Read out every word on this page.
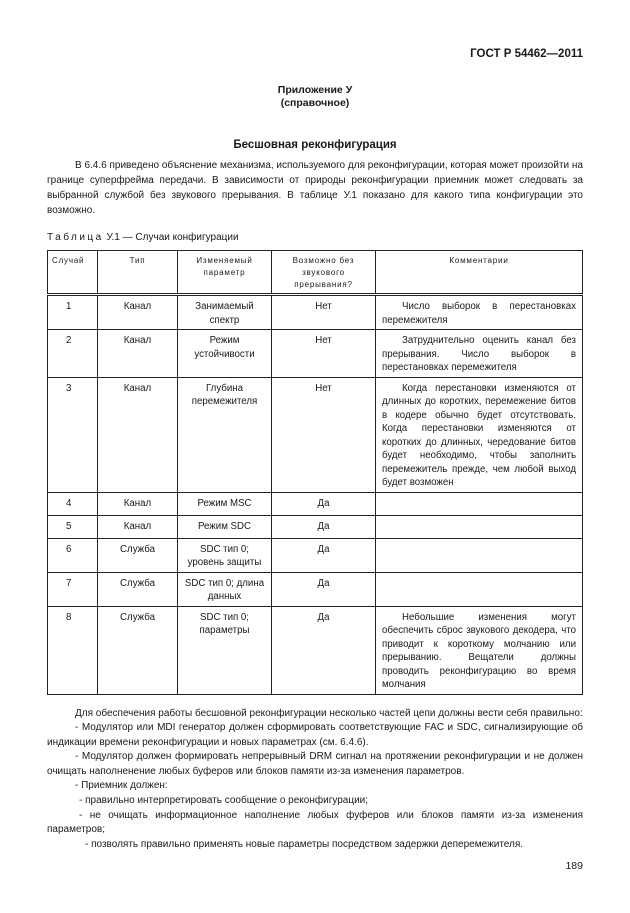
ГОСТ Р 54462—2011
Приложение У
(справочное)
Бесшовная реконфигурация

В 6.4.6 приведено объяснение механизма, используемого для реконфигурации, которая может произойти на границе суперфрейма передачи. В зависимости от природы реконфигурации приемник может следовать за выбранной службой без звукового прерывания. В таблице У.1 показано для какого типа конфигурации это возможно.

Таблица У.1 — Случаи конфигурации
Случай	Тип	Изменяемый параметр	Возможно без звукового прерывания?	Комментарии
1	Канал	Занимаемый спектр	Нет	Число выборок в перестановках перемежителя
2	Канал	Режим устойчивости	Нет	Затруднительно оценить канал без прерывания. Число выборок в перестановках перемежителя
3	Канал	Глубина перемежителя	Нет	Когда перестановки изменяются от длинных до коротких, перемежение битов в кодере обычно будет отсутствовать. Когда перестановки изменяются от коротких до длинных, чередование битов будет необходимо, чтобы заполнить перемежитель прежде, чем любой выход будет возможен
4	Канал	Режим MSC	Да	
5	Канал	Режим SDC	Да	
6	Служба	SDC тип 0; уровень защиты	Да	
7	Служба	SDC тип 0; длина данных	Да	
8	Служба	SDC тип 0; параметры	Да	Небольшие изменения могут обеспечить сброс звукового декодера, что приводит к короткому молчанию или прерыванию. Вещатели должны проводить реконфигурацию во время молчания

Для обеспечения работы бесшовной реконфигурации несколько частей цепи должны вести себя правильно:

- Модулятор или MDI генератор должен сформировать соответствующие FAC и SDC, сигнализирующие об индикации времени реконфигурации и новых параметрах (см. 6.4.6).

- Модулятор должен формировать непрерывный DRM сигнал на протяжении реконфигурации и не должен очищать наполненение любых буферов или блоков памяти из-за изменения параметров.

- Приемник должен:

- правильно интерпретировать сообщение о реконфигурации;

- не очищать информационное наполнение любых фуферов или блоков памяти из-за изменения параметров;

- позволять правильно применять новые параметры посредством задержки деперемежителя.

189
